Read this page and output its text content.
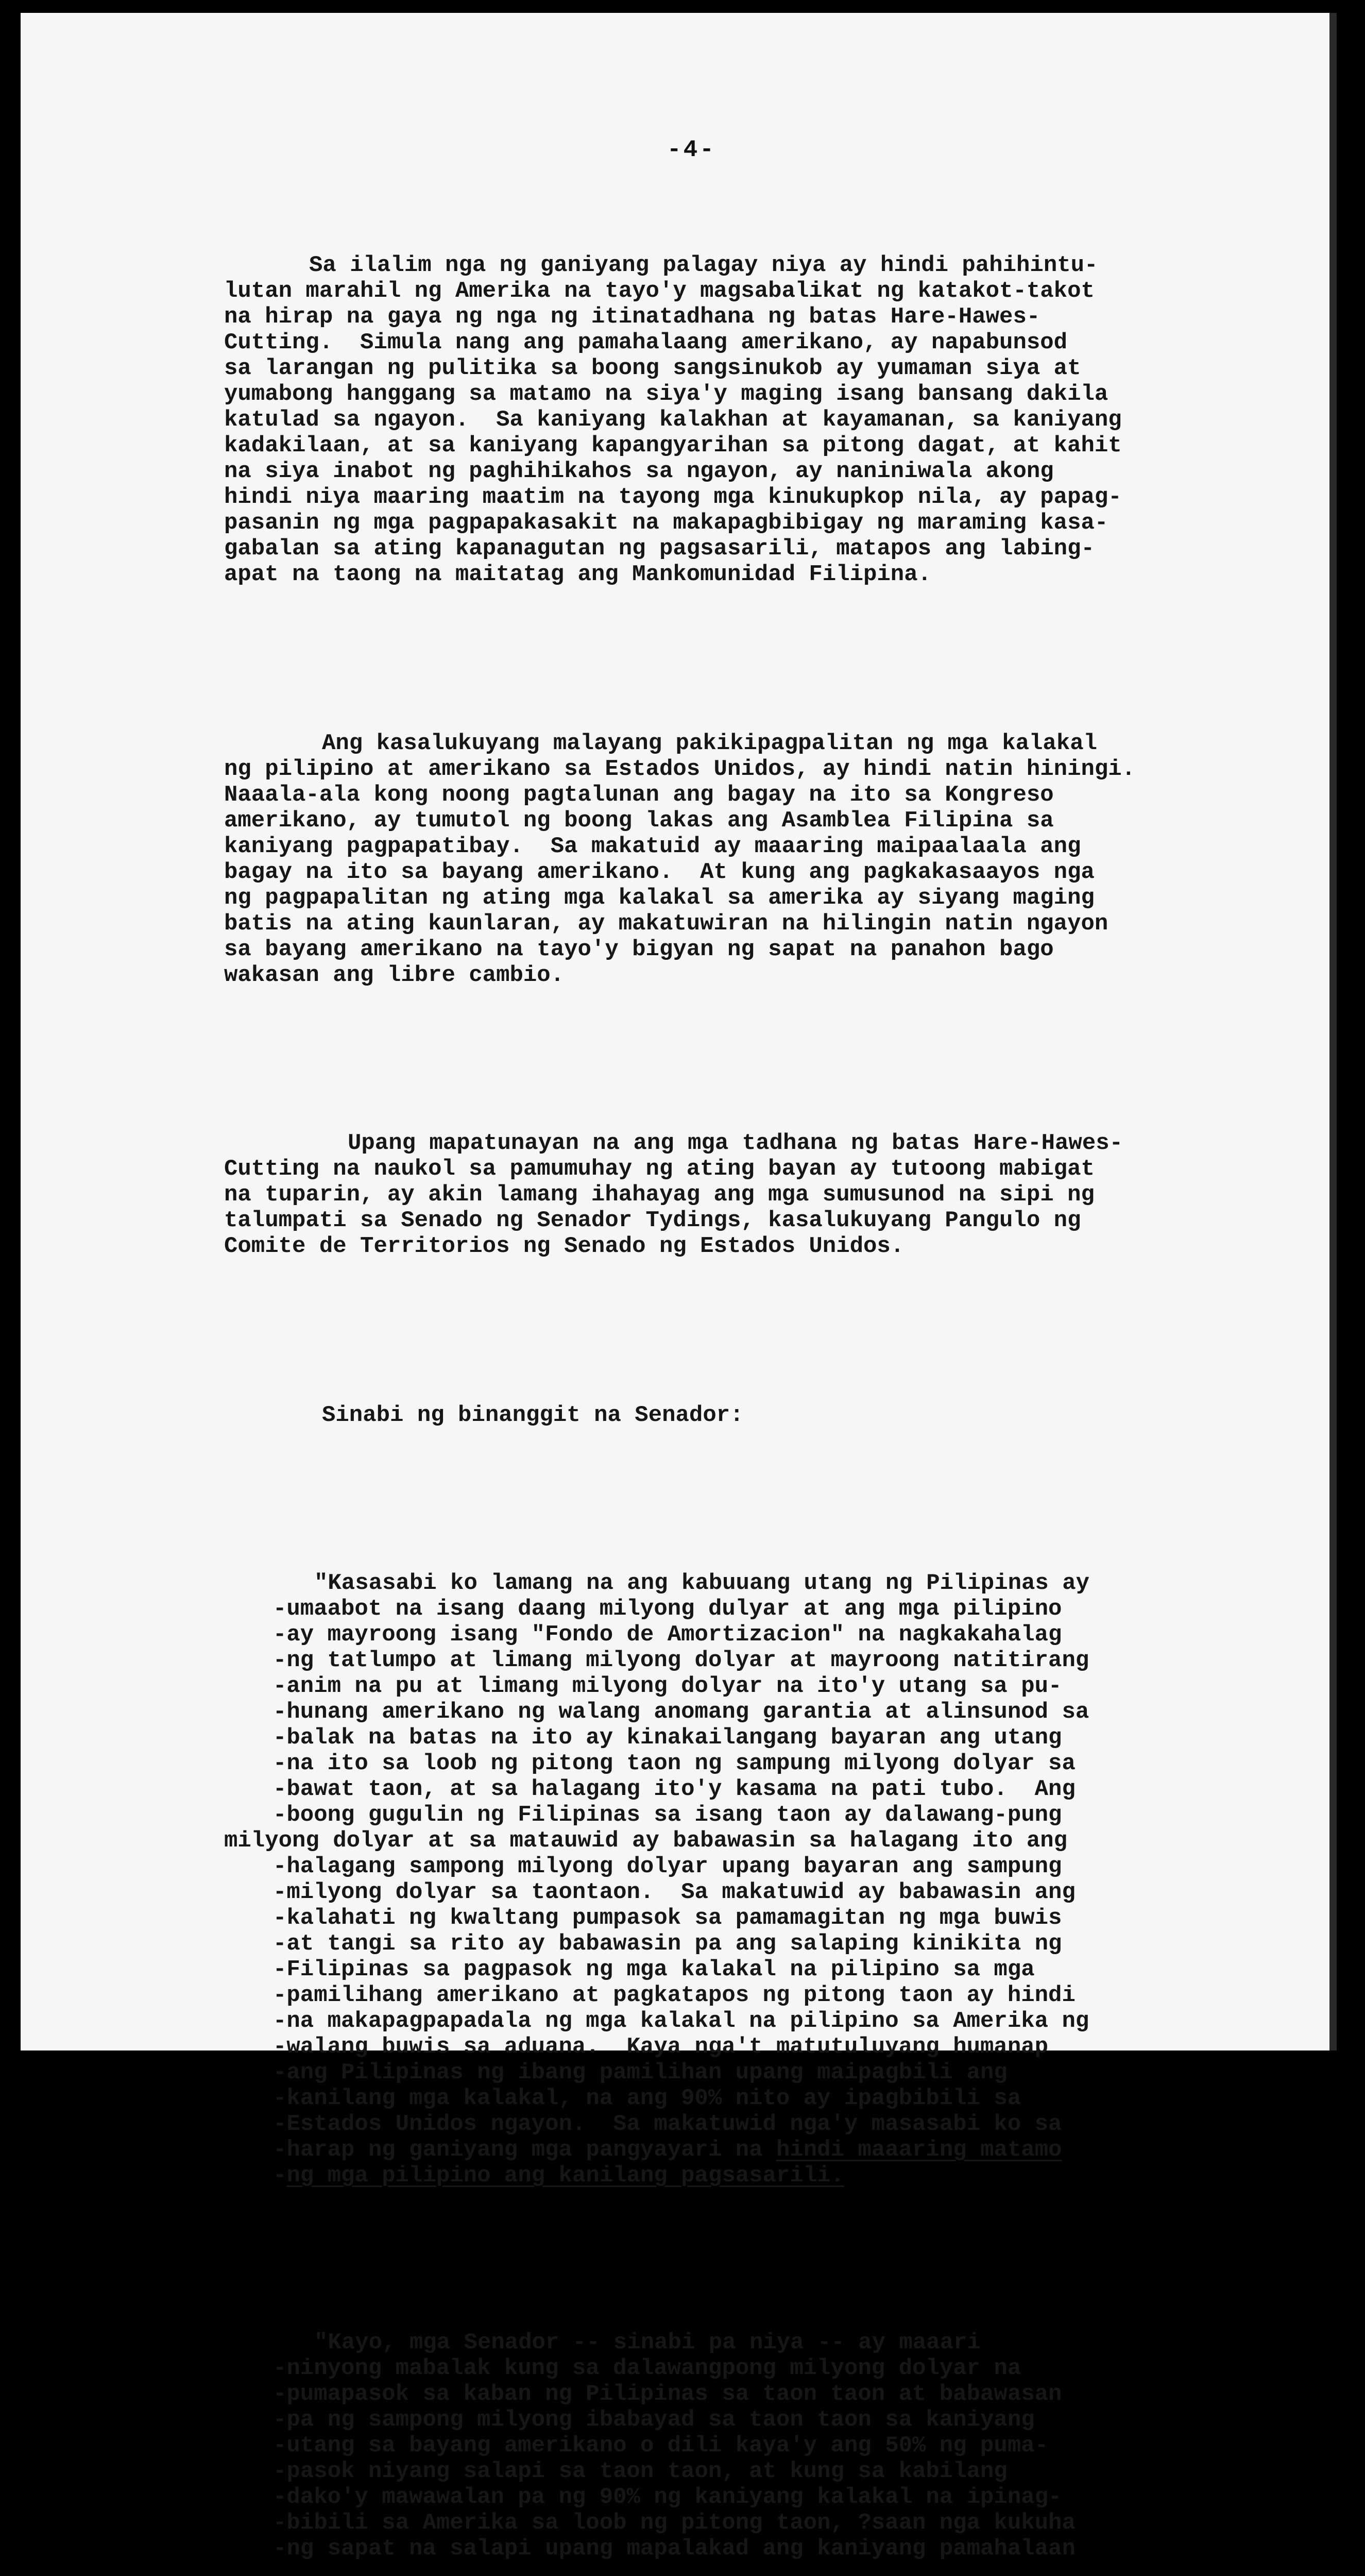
-4-

Sa ilalim nga ng ganiyang palagay niya ay hindi pahihintu-
lutan marahil ng Amerika na tayo'y magsabalikat ng katakot-takot
na hirap na gaya ng nga ng itinatadhana ng batas Hare-Hawes-
Cutting.  Simula nang ang pamahalaang amerikano, ay napabunsod
sa larangan ng pulitika sa boong sangsinukob ay yumaman siya at
yumabong hanggang sa matamo na siya'y maging isang bansang dakila
katulad sa ngayon.  Sa kaniyang kalakhan at kayamanan, sa kaniyang
kadakilaan, at sa kaniyang kapangyarihan sa pitong dagat, at kahit
na siya inabot ng paghihikahos sa ngayon, ay naniniwala akong
hindi niya maaring maatim na tayong mga kinukupkop nila, ay papag-
pasanin ng mga pagpapakasakit na makapagbibigay ng maraming kasa-
gabalan sa ating kapanagutan ng pagsasarili, matapos ang labing-
apat na taong na maitatag ang Mankomunidad Filipina.

Ang kasalukuyang malayang pakikipagpalitan ng mga kalakal
ng pilipino at amerikano sa Estados Unidos, ay hindi natin hiningi.
Naaala-ala kong noong pagtalunan ang bagay na ito sa Kongreso
amerikano, ay tumutol ng boong lakas ang Asamblea Filipina sa
kaniyang pagpapatibay.  Sa makatuid ay maaaring maipaalaala ang
bagay na ito sa bayang amerikano.  At kung ang pagkakasaayos nga
ng pagpapalitan ng ating mga kalakal sa amerika ay siyang maging
batis na ating kaunlaran, ay makatuwiran na hilingin natin ngayon
sa bayang amerikano na tayo'y bigyan ng sapat na panahon bago
wakasan ang libre cambio.

Upang mapatunayan na ang mga tadhana ng batas Hare-Hawes-
Cutting na naukol sa pamumuhay ng ating bayan ay tutoong mabigat
na tuparin, ay akin lamang ihahayag ang mga sumusunod na sipi ng
talumpati sa Senado ng Senador Tydings, kasalukuyang Pangulo ng
Comite de Territorios ng Senado ng Estados Unidos.

Sinabi ng binanggit na Senador:

"Kasasabi ko lamang na ang kabuuang utang ng Pilipinas ay
-umaabot na isang daang milyong dulyar at ang mga pilipino
-ay mayroong isang "Fondo de Amortizacion" na nagkakahalag
-ng tatlumpo at limang milyong dolyar at mayroong natitirang
-anim na pu at limang milyong dolyar na ito'y utang sa pu-
-hunang amerikano ng walang anomang garantia at alinsunod sa
-balak na batas na ito ay kinakailangang bayaran ang utang
-na ito sa loob ng pitong taon ng sampung milyong dolyar sa
-bawat taon, at sa halagang ito'y kasama na pati tubo.  Ang
-boong gugulin ng Filipinas sa isang taon ay dalawang-pung
milyong dolyar at sa matauwid ay babawasin sa halagang ito ang
-halagang sampong milyong dolyar upang bayaran ang sampung
-milyong dolyar sa taontaon.  Sa makatuwid ay babawasin ang
-kalahati ng kwaltang pumpasok sa pamamagitan ng mga buwis
-at tangi sa rito ay babawasin pa ang salaping kinikita ng
-Filipinas sa pagpasok ng mga kalakal na pilipino sa mga
-pamilihang amerikano at pagkatapos ng pitong taon ay hindi
-na makapagpapadala ng mga kalakal na pilipino sa Amerika ng
-walang buwis sa aduana.  Kaya nga't matutuluyang humanap
-ang Pilipinas ng ibang pamilihan upang maipagbili ang
-kanilang mga kalakal, na ang 90% nito ay ipagbibili sa
-Estados Unidos ngayon.  Sa makatuwid nga'y masasabi ko sa
-harap ng ganiyang mga pangyayari na hindi maaaring matamo
-ng mga pilipino ang kanilang pagsasarili.

"Kayo, mga Senador -- sinabi pa niya -- ay maaari
-ninyong mabalak kung sa dalawangpong milyong dolyar na
-pumapasok sa kaban ng Pilipinas sa taon taon at babawasan
-pa ng sampong milyong ibabayad sa taon taon sa kaniyang
-utang sa bayang amerikano o dili kaya'y ang 50% ng puma-
-pasok niyang salapi sa taon taon, at kung sa kabilang
-dako'y mawawalan pa ng 90% ng kaniyang kalakal na ipinag-
-bibili sa Amerika sa loob ng pitong taon, ?saan nga kukuha
-ng sapat na salapi upang mapalakad ang kaniyang pamahalaan
